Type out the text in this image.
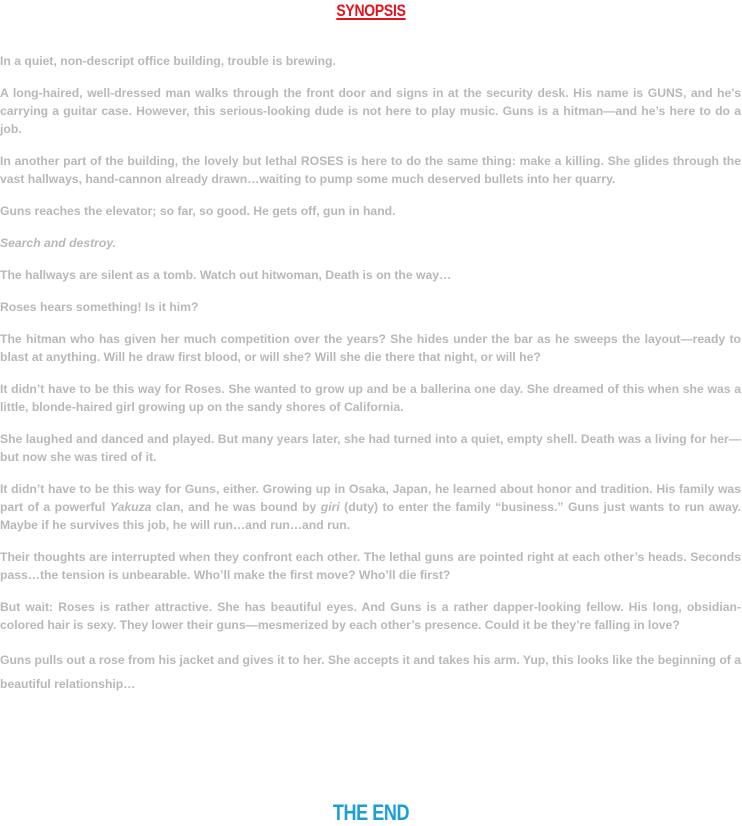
SYNOPSIS

In a quiet, non-descript office building, trouble is brewing.

A long-haired, well-dressed man walks through the front door and signs in at the security desk. His name is GUNS, and he’s carrying a guitar case. However, this serious-looking dude is not here to play music. Guns is a hitman—and he’s here to do a job.

In another part of the building, the lovely but lethal ROSES is here to do the same thing: make a killing. She glides through the vast hallways, hand-cannon already drawn…waiting to pump some much deserved bullets into her quarry.

Guns reaches the elevator; so far, so good. He gets off, gun in hand.

Search and destroy.

The hallways are silent as a tomb. Watch out hitwoman, Death is on the way…

Roses hears something! Is it him?

The hitman who has given her much competition over the years? She hides under the bar as he sweeps the layout—ready to blast at anything. Will he draw first blood, or will she? Will she die there that night, or will he?

It didn’t have to be this way for Roses. She wanted to grow up and be a ballerina one day. She dreamed of this when she was a little, blonde-haired girl growing up on the sandy shores of California.

She laughed and danced and played. But many years later, she had turned into a quiet, empty shell. Death was a living for her—but now she was tired of it.

It didn’t have to be this way for Guns, either. Growing up in Osaka, Japan, he learned about honor and tradition. His family was part of a powerful Yakuza clan, and he was bound by giri (duty) to enter the family “business.” Guns just wants to run away. Maybe if he survives this job, he will run…and run…and run.

Their thoughts are interrupted when they confront each other. The lethal guns are pointed right at each other’s heads. Seconds pass…the tension is unbearable. Who’ll make the first move? Who’ll die first?

But wait: Roses is rather attractive. She has beautiful eyes. And Guns is a rather dapper-looking fellow. His long, obsidian-colored hair is sexy. They lower their guns—mesmerized by each other’s presence. Could it be they’re falling in love?

Guns pulls out a rose from his jacket and gives it to her. She accepts it and takes his arm. Yup, this looks like the beginning of a beautiful relationship…

THE END
